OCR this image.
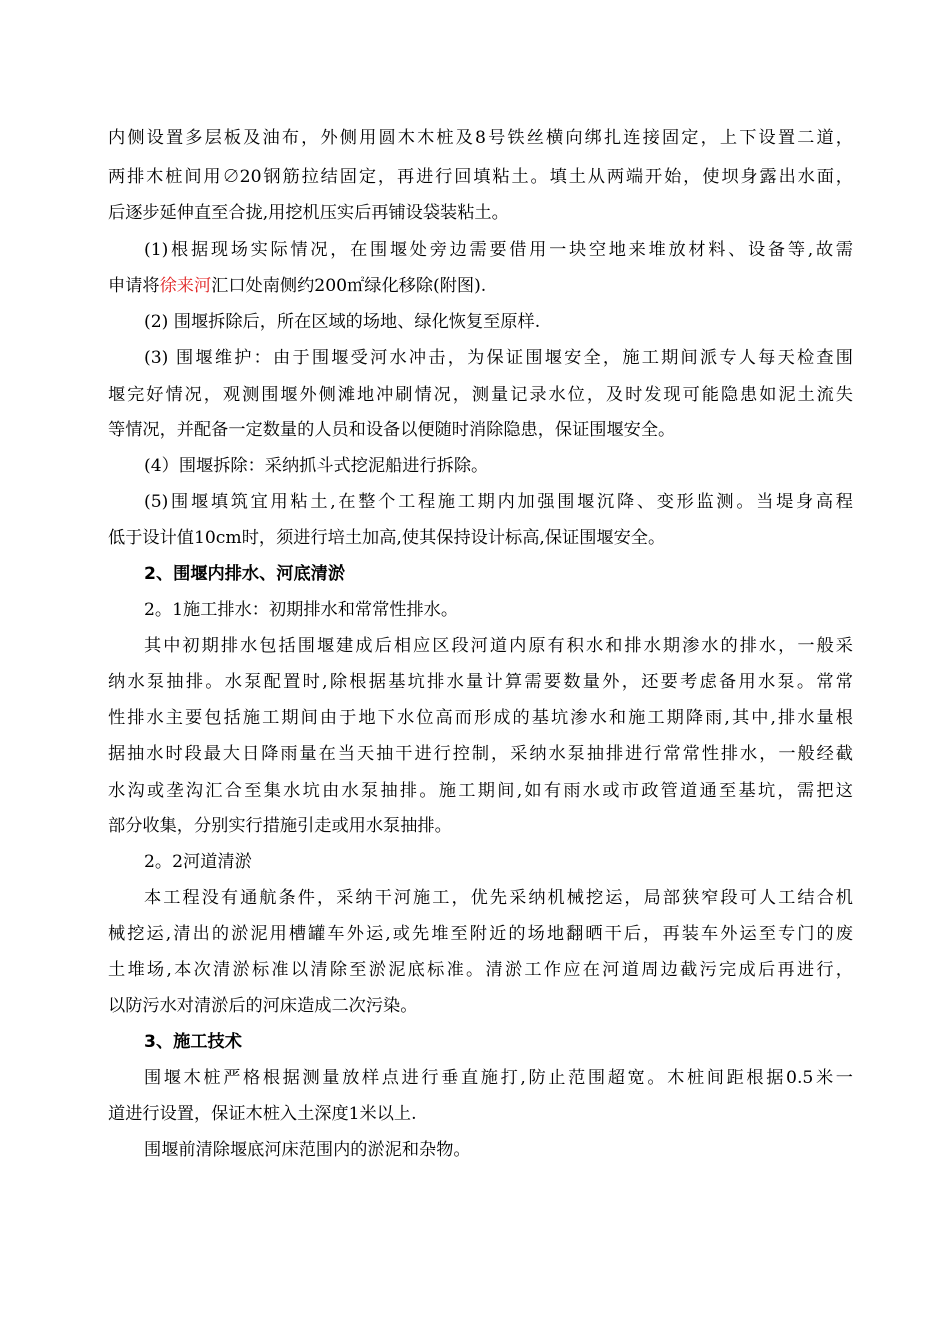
内侧设置多层板及油布，外侧用圆木木桩及8号铁丝横向绑扎连接固定，上下设置二道，
两排木桩间用∅20钢筋拉结固定，再进行回填粘土。填土从两端开始，使坝身露出水面，
后逐步延伸直至合拢,用挖机压实后再铺设袋装粘土。
(1)根据现场实际情况，在围堰处旁边需要借用一块空地来堆放材料、设备等,故需
申请将徐来河汇口处南侧约200㎡绿化移除(附图).
(2) 围堰拆除后，所在区域的场地、绿化恢复至原样.
(3) 围堰维护：由于围堰受河水冲击，为保证围堰安全，施工期间派专人每天检查围
堰完好情况，观测围堰外侧滩地冲刷情况，测量记录水位，及时发现可能隐患如泥土流失
等情况，并配备一定数量的人员和设备以便随时消除隐患，保证围堰安全。
(4）围堰拆除：采纳抓斗式挖泥船进行拆除。
(5)围堰填筑宜用粘土,在整个工程施工期内加强围堰沉降、变形监测。当堤身高程
低于设计值10cm时，须进行培土加高,使其保持设计标高,保证围堰安全。
2、围堰内排水、河底清淤
2。1施工排水：初期排水和常常性排水。
其中初期排水包括围堰建成后相应区段河道内原有积水和排水期渗水的排水，一般采
纳水泵抽排。水泵配置时,除根据基坑排水量计算需要数量外，还要考虑备用水泵。常常
性排水主要包括施工期间由于地下水位高而形成的基坑渗水和施工期降雨,其中,排水量根
据抽水时段最大日降雨量在当天抽干进行控制，采纳水泵抽排进行常常性排水，一般经截
水沟或垄沟汇合至集水坑由水泵抽排。施工期间,如有雨水或市政管道通至基坑，需把这
部分收集，分别实行措施引走或用水泵抽排。
2。2河道清淤
本工程没有通航条件，采纳干河施工，优先采纳机械挖运，局部狭窄段可人工结合机
械挖运,清出的淤泥用槽罐车外运,或先堆至附近的场地翻晒干后，再装车外运至专门的废
土堆场,本次清淤标准以清除至淤泥底标准。清淤工作应在河道周边截污完成后再进行，
以防污水对清淤后的河床造成二次污染。
3、施工技术
围堰木桩严格根据测量放样点进行垂直施打,防止范围超宽。木桩间距根据0.5米一
道进行设置，保证木桩入土深度1米以上.
围堰前清除堰底河床范围内的淤泥和杂物。
